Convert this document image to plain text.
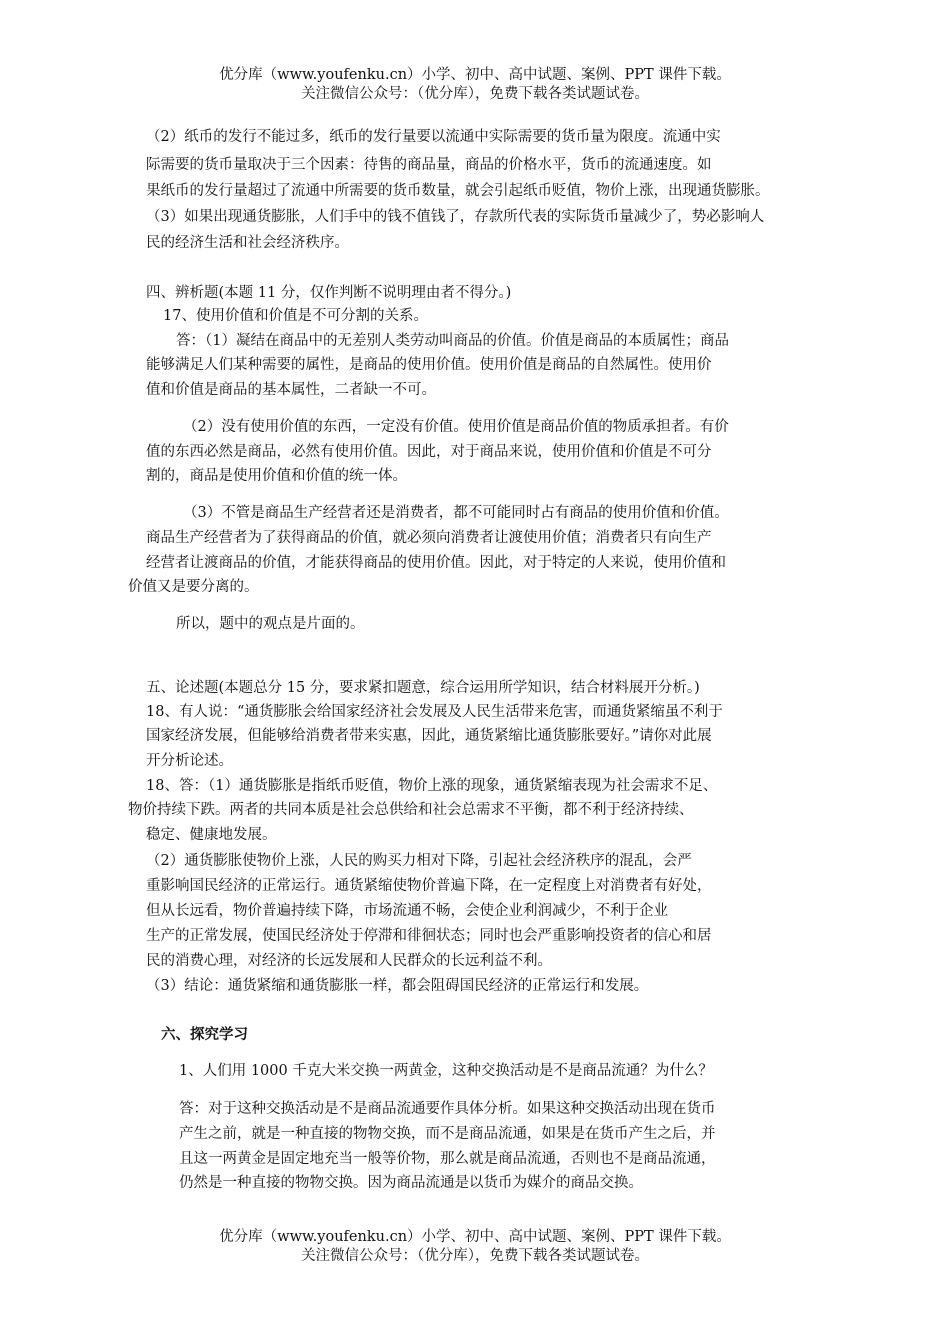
优分库（www.youfenku.cn）小学、初中、高中试题、案例、PPT 课件下载。
关注微信公众号：（优分库），免费下载各类试题试卷。
（2）纸币的发行不能过多，纸币的发行量要以流通中实际需要的货币量为限度。流通中实
际需要的货币量取决于三个因素：待售的商品量，商品的价格水平，货币的流通速度。如
果纸币的发行量超过了流通中所需要的货币数量，就会引起纸币贬值，物价上涨，出现通货膨胀。
（3）如果出现通货膨胀，人们手中的钱不值钱了，存款所代表的实际货币量减少了，势必影响人
民的经济生活和社会经济秩序。
四、辨析题(本题 11 分，仅作判断不说明理由者不得分。)
17、使用价值和价值是不可分割的关系。
答：（1）凝结在商品中的无差别人类劳动叫商品的价值。价值是商品的本质属性；商品
能够满足人们某种需要的属性，是商品的使用价值。使用价值是商品的自然属性。使用价
值和价值是商品的基本属性，二者缺一不可。
（2）没有使用价值的东西，一定没有价值。使用价值是商品价值的物质承担者。有价
值的东西必然是商品，必然有使用价值。因此，对于商品来说，使用价值和价值是不可分
割的，商品是使用价值和价值的统一体。
（3）不管是商品生产经营者还是消费者，都不可能同时占有商品的使用价值和价值。
商品生产经营者为了获得商品的价值，就必须向消费者让渡使用价值；消费者只有向生产
经营者让渡商品的价值，才能获得商品的使用价值。因此，对于特定的人来说，使用价值和
价值又是要分离的。
所以，题中的观点是片面的。
五、论述题(本题总分 15 分，要求紧扣题意，综合运用所学知识，结合材料展开分析。)
18、有人说：“通货膨胀会给国家经济社会发展及人民生活带来危害，而通货紧缩虽不利于
国家经济发展，但能够给消费者带来实惠，因此，通货紧缩比通货膨胀要好。”请你对此展
开分析论述。
18、答：（1）通货膨胀是指纸币贬值，物价上涨的现象，通货紧缩表现为社会需求不足、
物价持续下跌。两者的共同本质是社会总供给和社会总需求不平衡，都不利于经济持续、
稳定、健康地发展。
（2）通货膨胀使物价上涨，人民的购买力相对下降，引起社会经济秩序的混乱，会严
重影响国民经济的正常运行。通货紧缩使物价普遍下降，在一定程度上对消费者有好处，
但从长远看，物价普遍持续下降，市场流通不畅，会使企业利润减少，不利于企业
生产的正常发展，使国民经济处于停滞和徘徊状态；同时也会严重影响投资者的信心和居
民的消费心理，对经济的长远发展和人民群众的长远利益不利。
（3）结论：通货紧缩和通货膨胀一样，都会阻碍国民经济的正常运行和发展。
六、探究学习
1、人们用 1000 千克大米交换一两黄金，这种交换活动是不是商品流通？为什么？
答：对于这种交换活动是不是商品流通要作具体分析。如果这种交换活动出现在货币
产生之前，就是一种直接的物物交换，而不是商品流通，如果是在货币产生之后，并
且这一两黄金是固定地充当一般等价物，那么就是商品流通，否则也不是商品流通，
仍然是一种直接的物物交换。因为商品流通是以货币为媒介的商品交换。
优分库（www.youfenku.cn）小学、初中、高中试题、案例、PPT 课件下载。
关注微信公众号：（优分库），免费下载各类试题试卷。
